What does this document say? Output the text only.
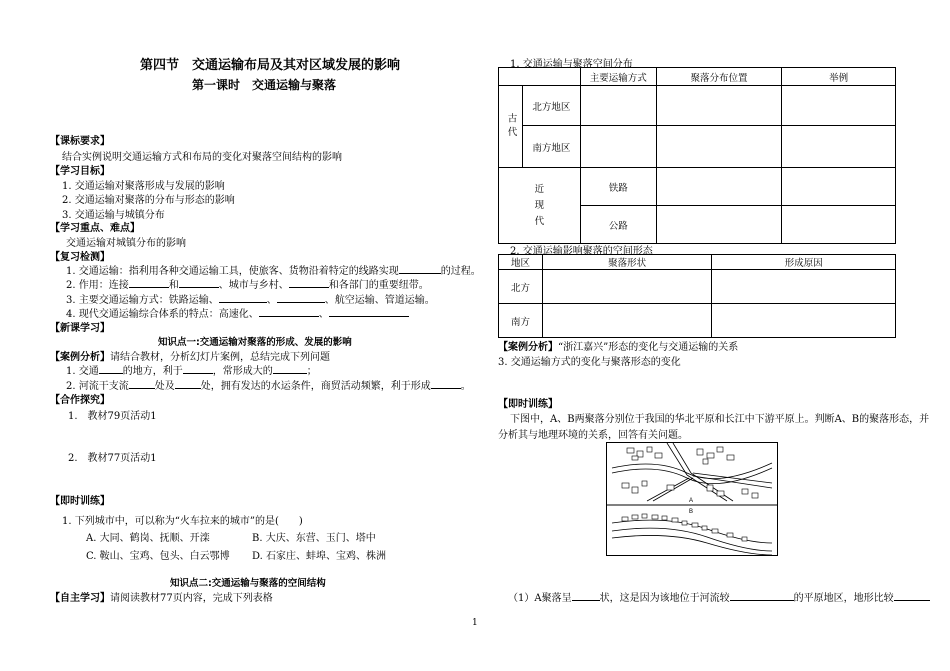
第四节　交通运输布局及其对区域发展的影响
第一课时　交通运输与聚落
【课标要求】
结合实例说明交通运输方式和布局的变化对聚落空间结构的影响
【学习目标】
1. 交通运输对聚落形成与发展的影响
2. 交通运输对聚落的分布与形态的影响
3. 交通运输与城镇分布
【学习重点、难点】
交通运输对城镇分布的影响
【复习检测】
1. 交通运输：指利用各种交通运输工具，使旅客、货物沿着特定的线路实现	的过程。
2. 作用：连接	和	、城市与乡村、	和各部门的重要纽带。
3. 主要交通运输方式：铁路运输、	、	、航空运输、管道运输。
4. 现代交通运输综合体系的特点：高速化、	、
【新课学习】
知识点一:交通运输对聚落的形成、发展的影响
【案例分析】请结合教材，分析幻灯片案例，总结完成下列问题
1. 交通 的地方，利于	，常形成大的	；
2. 河流干支流	处及	处，拥有发达的水运条件，商贸活动频繁，利于形成	。
【合作探究】
1.　教材79页活动1
2.　教材77页活动1
【即时训练】
1. 下列城市中，可以称为“火车拉来的城市”的是(　　)
A. 大同、鹤岗、抚顺、开滦	B. 大庆、东营、玉门、塔中
C. 鞍山、宝鸡、包头、白云鄂博 D. 石家庄、蚌埠、宝鸡、株洲
知识点二:交通运输与聚落的空间结构
【自主学习】请阅读教材77页内容，完成下列表格
1. 交通运输与聚落空间分布
		主要运输方式	聚落分布位置	举例
古代	北方地区			
	南方地区			
近现代		铁路		
		公路		
2. 交通运输影响聚落的空间形态
地区	聚落形状	形成原因
北方		
南方		
【案例分析】“浙江嘉兴”形态的变化与交通运输的关系
3. 交通运输方式的变化与聚落形态的变化
【即时训练】
下图中，A、B两聚落分别位于我国的华北平原和长江中下游平原上。判断A、B的聚落形态，并
分析其与地理环境的关系，回答有关问题。
A
B
（1）A聚落呈	状，这是因为该地位于河流较	的平原地区，地形比较
1
